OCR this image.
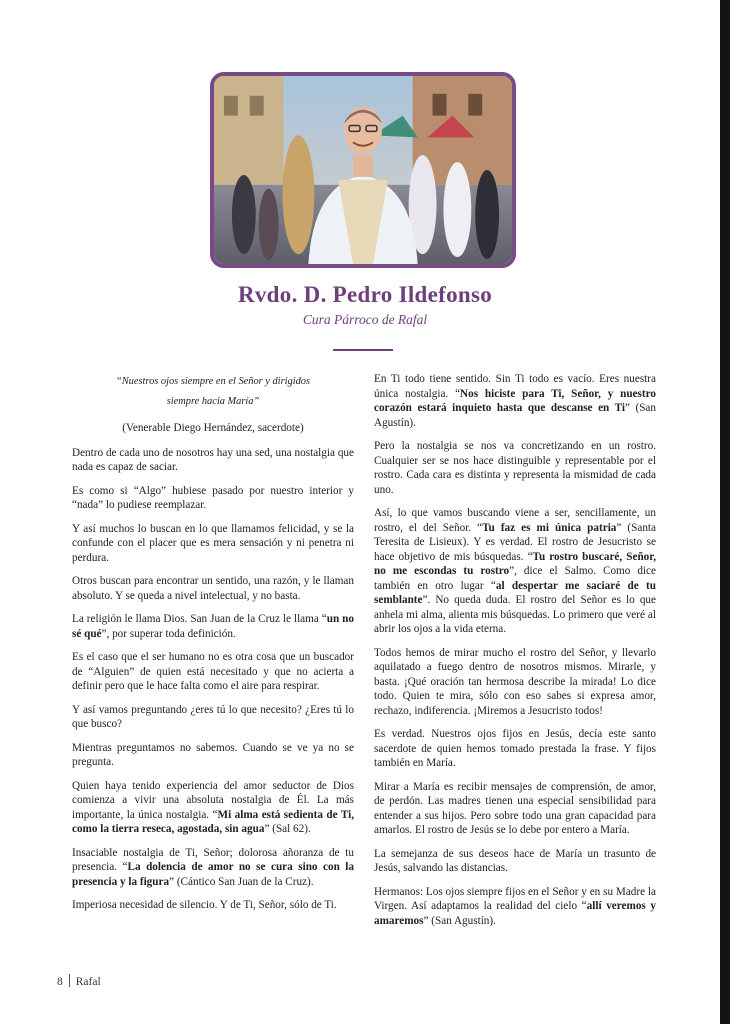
Rvdo. D. Pedro Ildefonso
Cura Párroco de Rafal

“Nuestros ojos siempre en el Señor y dirigidos
siempre hacia María”

(Venerable Diego Hernández, sacerdote)

Dentro de cada uno de nosotros hay una sed, una nostalgia que nada es capaz de saciar.

Es como si “Algo” hubiese pasado por nuestro interior y “nada” lo pudiese reemplazar.

Y así muchos lo buscan en lo que llamamos felicidad, y se la confunde con el placer que es mera sensación y ni penetra ni perdura.

Otros buscan para encontrar un sentido, una razón, y le llaman absoluto. Y se queda a nivel intelectual, y no basta.

La religión le llama Dios. San Juan de la Cruz le llama “un no sé qué”, por superar toda definición.

Es el caso que el ser humano no es otra cosa que un buscador de “Alguien” de quien está necesitado y que no acierta a definir pero que le hace falta como el aire para respirar.

Y así vamos preguntando ¿eres tú lo que necesito? ¿Eres tú lo que busco?

Mientras preguntamos no sabemos. Cuando se ve ya no se pregunta.

Quien haya tenido experiencia del amor seductor de Dios comienza a vivir una absoluta nostalgia de Él. La más importante, la única nostalgia. “Mi alma está sedienta de Ti, como la tierra reseca, agostada, sin agua” (Sal 62).

Insaciable nostalgia de Ti, Señor; dolorosa añoranza de tu presencia. “La dolencia de amor no se cura sino con la presencia y la figura” (Cántico San Juan de la Cruz).

Imperiosa necesidad de silencio. Y de Ti, Señor, sólo de Ti.

En Ti todo tiene sentido. Sin Ti todo es vacío. Eres nuestra única nostalgia. “Nos hiciste para Ti, Señor, y nuestro corazón estará inquieto hasta que descanse en Ti” (San Agustín).

Pero la nostalgia se nos va concretizando en un rostro. Cualquier ser se nos hace distinguible y representable por el rostro. Cada cara es distinta y representa la mismidad de cada uno.

Así, lo que vamos buscando viene a ser, sencillamente, un rostro, el del Señor. “Tu faz es mi única patria” (Santa Teresita de Lisieux). Y es verdad. El rostro de Jesucristo se hace objetivo de mis búsquedas. “Tu rostro buscaré, Señor, no me escondas tu rostro”, dice el Salmo. Como dice también en otro lugar “al despertar me saciaré de tu semblante”. No queda duda. El rostro del Señor es lo que anhela mi alma, alienta mis búsquedas. Lo primero que veré al abrir los ojos a la vida eterna.

Todos hemos de mirar mucho el rostro del Señor, y llevarlo aquilatado a fuego dentro de nosotros mismos. Mirarle, y basta. ¡Qué oración tan hermosa describe la mirada! Lo dice todo. Quien te mira, sólo con eso sabes si expresa amor, rechazo, indiferencia. ¡Miremos a Jesucristo todos!

Es verdad. Nuestros ojos fijos en Jesús, decía este santo sacerdote de quien hemos tomado prestada la frase. Y fijos también en María.

Mirar a María es recibir mensajes de comprensión, de amor, de perdón. Las madres tienen una especial sensibilidad para entender a sus hijos. Pero sobre todo una gran capacidad para amarlos. El rostro de Jesús se lo debe por entero a María.

La semejanza de sus deseos hace de María un trasunto de Jesús, salvando las distancias.

Hermanos: Los ojos siempre fijos en el Señor y en su Madre la Virgen. Así adaptamos la realidad del cielo “allí veremos y amaremos” (San Agustín).

8 Rafal
